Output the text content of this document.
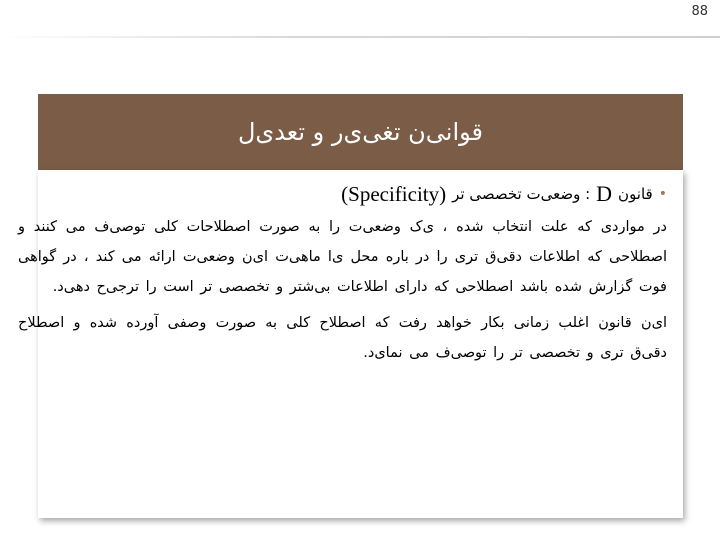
88
قوانی‌ن تغی‌ی‌ر و تعدی‌ل
•
قانون
D
: وضعی‌ت تخصصی تر
(Specificity)

در مواردی که علت انتخاب شده ، ی‌ک وضعی‌ت را به صورت اصطلاحات کلی توصی‌ف می کنند و اصطلاحی که اطلاعات دقی‌ق تری را در باره محل ی‌ا ماهی‌ت ای‌ن وضعی‌ت ارائه می کند ، در گواهی فوت گزارش شده باشد اصطلاحی که دارای اطلاعات بی‌شتر و تخصصی تر است را ترجی‌ح دهی‌د.

ای‌ن قانون اغلب زمانی بکار خواهد رفت که اصطلاح کلی به صورت وصفی آورده شده و اصطلاح دقی‌ق تری و تخصصی تر را توصی‌ف می نمای‌د.
